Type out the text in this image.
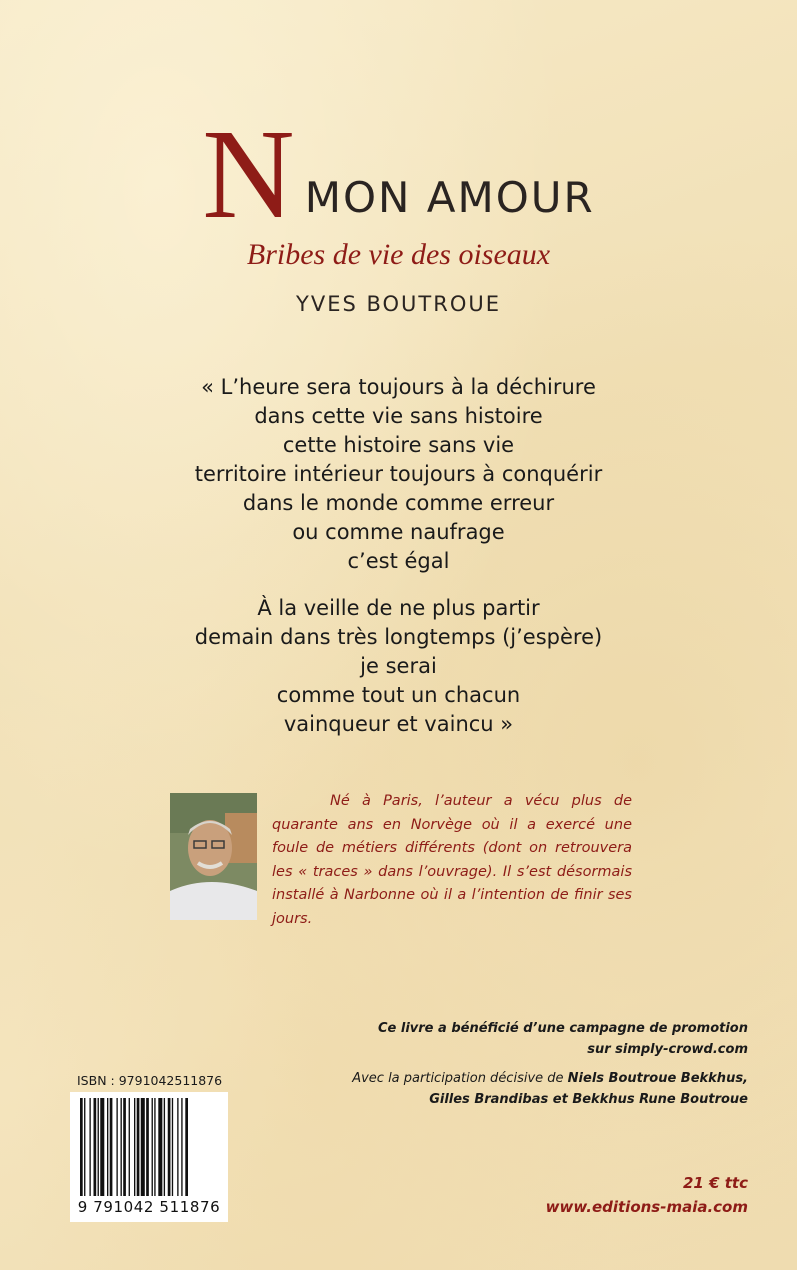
N MON AMOUR
Bribes de vie des oiseaux
YVES BOUTROUE
« L’heure sera toujours à la déchirure
dans cette vie sans histoire
cette histoire sans vie
territoire intérieur toujours à conquérir
dans le monde comme erreur
ou comme naufrage
c’est égal
À la veille de ne plus partir
demain dans très longtemps (j’espère)
je serai
comme tout un chacun
vainqueur et vaincu »
Né à Paris, l’auteur a vécu plus de quarante ans en Norvège où il a exercé une foule de métiers différents (dont on retrouvera les « traces » dans l’ouvrage). Il s’est désormais installé à Narbonne où il a l’intention de finir ses jours.
Ce livre a bénéficié d’une campagne de promotion
sur simply-crowd.com
Avec la participation décisive de Niels Boutroue Bekkhus,
Gilles Brandibas et Bekkhus Rune Boutroue
ISBN : 9791042511876
9 791042 511876
21 € ttc
www.editions-maia.com
